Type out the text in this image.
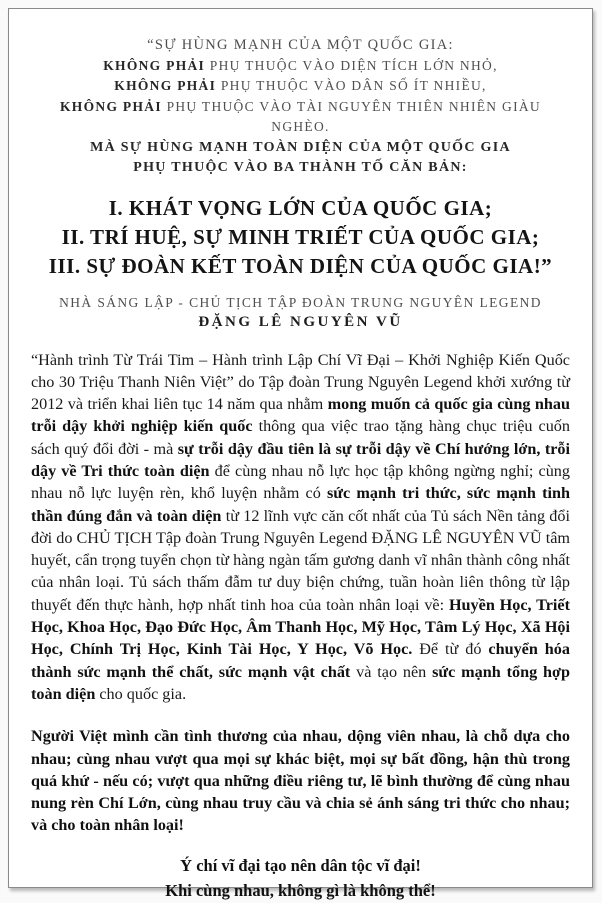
“SỰ HÙNG MẠNH CỦA MỘT QUỐC GIA:

KHÔNG PHẢI PHỤ THUỘC VÀO DIỆN TÍCH LỚN NHỎ,

KHÔNG PHẢI PHỤ THUỘC VÀO DÂN SỐ ÍT NHIỀU,

KHÔNG PHẢI PHỤ THUỘC VÀO TÀI NGUYÊN THIÊN NHIÊN GIÀU NGHÈO.

MÀ SỰ HÙNG MẠNH TOÀN DIỆN CỦA MỘT QUỐC GIA

PHỤ THUỘC VÀO BA THÀNH TỐ CĂN BẢN:

I. KHÁT VỌNG LỚN CỦA QUỐC GIA;

II. TRÍ HUỆ, SỰ MINH TRIẾT CỦA QUỐC GIA;

III. SỰ ĐOÀN KẾT TOÀN DIỆN CỦA QUỐC GIA!”

NHÀ SÁNG LẬP - CHỦ TỊCH TẬP ĐOÀN TRUNG NGUYÊN LEGEND

ĐẶNG LÊ NGUYÊN VŨ

“Hành trình Từ Trái Tim – Hành trình Lập Chí Vĩ Đại – Khởi Nghiệp Kiến Quốc cho 30 Triệu Thanh Niên Việt” do Tập đoàn Trung Nguyên Legend khởi xướng từ 2012 và triển khai liên tục 14 năm qua nhằm mong muốn cả quốc gia cùng nhau trỗi dậy khởi nghiệp kiến quốc thông qua việc trao tặng hàng chục triệu cuốn sách quý đổi đời - mà sự trỗi dậy đầu tiên là sự trỗi dậy về Chí hướng lớn, trỗi dậy về Tri thức toàn diện để cùng nhau nỗ lực học tập không ngừng nghỉ; cùng nhau nỗ lực luyện rèn, khổ luyện nhằm có sức mạnh tri thức, sức mạnh tinh thần đúng đắn và toàn diện từ 12 lĩnh vực căn cốt nhất của Tủ sách Nền tảng đổi đời do CHỦ TỊCH Tập đoàn Trung Nguyên Legend ĐẶNG LÊ NGUYÊN VŨ tâm huyết, cẩn trọng tuyển chọn từ hàng ngàn tấm gương danh vĩ nhân thành công nhất của nhân loại. Tủ sách thấm đẫm tư duy biện chứng, tuần hoàn liên thông từ lập thuyết đến thực hành, hợp nhất tinh hoa của toàn nhân loại về: Huyền Học, Triết Học, Khoa Học, Đạo Đức Học, Âm Thanh Học, Mỹ Học, Tâm Lý Học, Xã Hội Học, Chính Trị Học, Kinh Tài Học, Y Học, Võ Học. Để từ đó chuyển hóa thành sức mạnh thể chất, sức mạnh vật chất và tạo nên sức mạnh tổng hợp toàn diện cho quốc gia.

Người Việt mình cần tình thương của nhau, dộng viên nhau, là chỗ dựa cho nhau; cùng nhau vượt qua mọi sự khác biệt, mọi sự bất đồng, hận thù trong quá khứ - nếu có; vượt qua những điều riêng tư, lẽ bình thường để cùng nhau nung rèn Chí Lớn, cùng nhau truy cầu và chia sẻ ánh sáng tri thức cho nhau; và cho toàn nhân loại!

Ý chí vĩ đại tạo nên dân tộc vĩ đại!

Khi cùng nhau, không gì là không thể!
